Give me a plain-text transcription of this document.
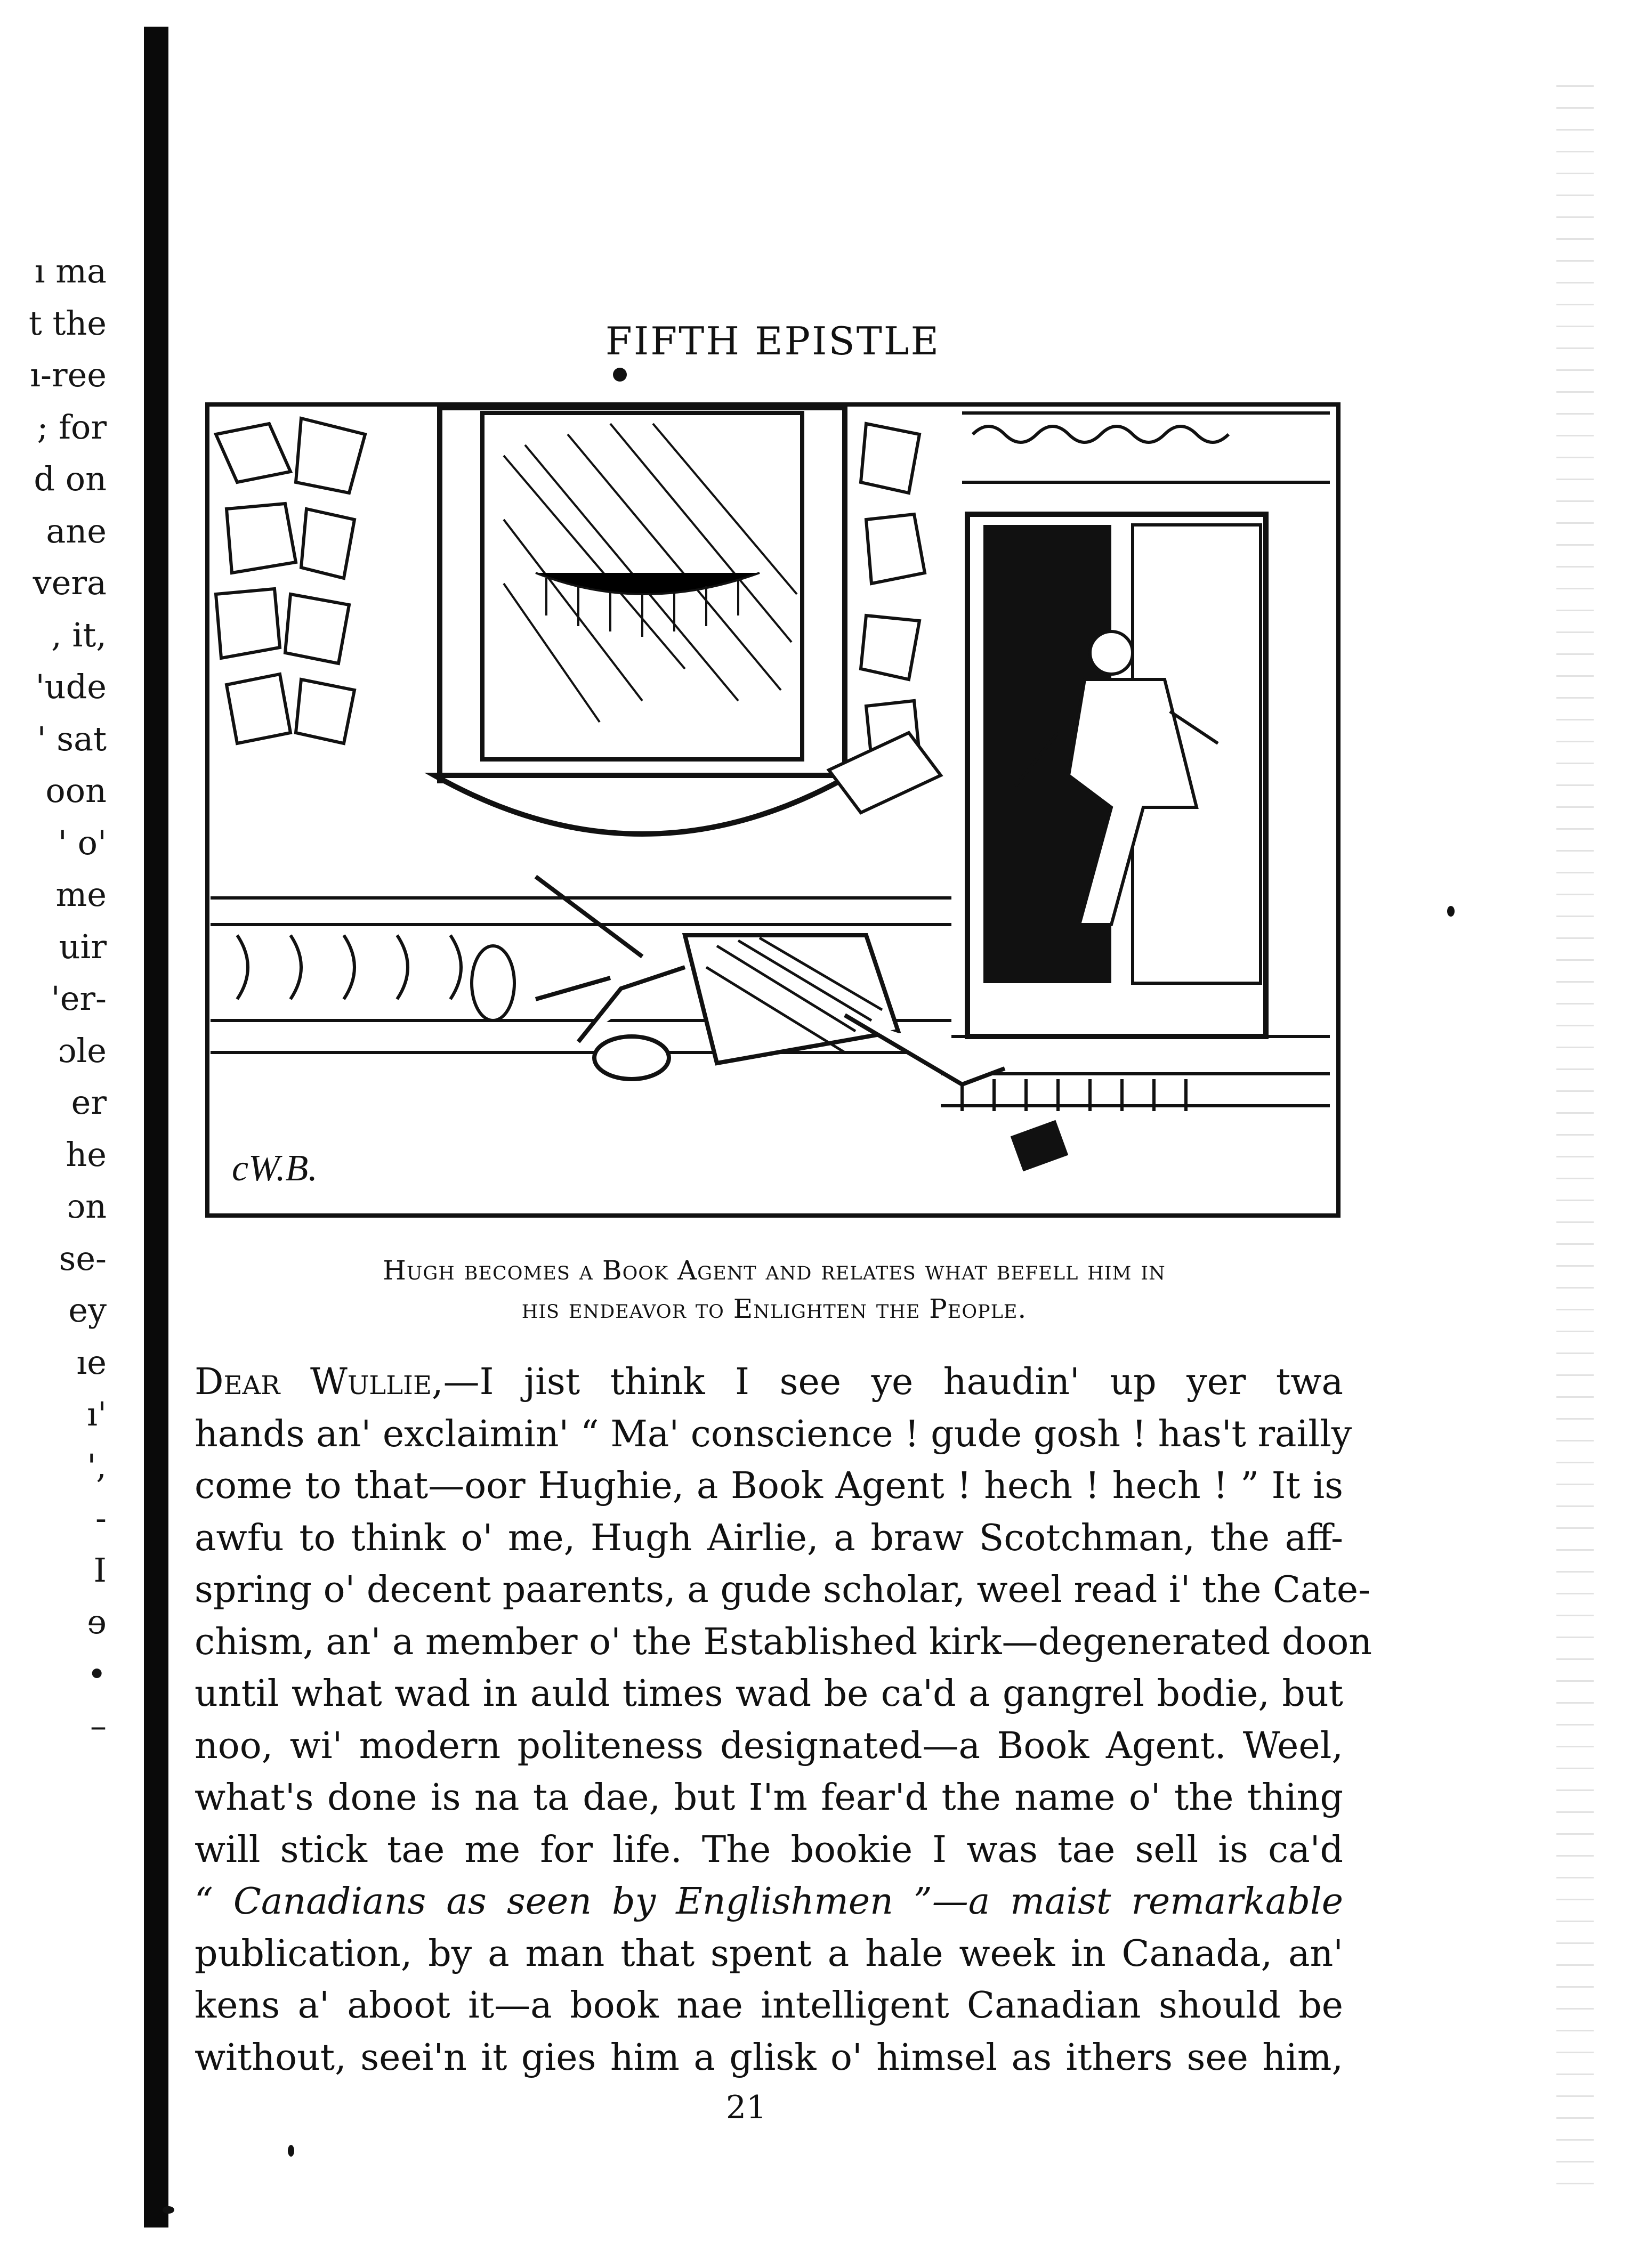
ı ma
t the
ı-ree
; for
d on
ane
vera
, it,
'ude
' sat
oon
' o'
me
uir
'er-
ɔle
er
he
ɔn
se-
ey
ıe
ı'
',
-
I
ɘ
•
–
FIFTH EPISTLE
cW.B.
Hugh becomes a Book Agent and relates what befell him in
his endeavor to Enlighten the People.
Dear Wullie,—I jist think I see ye haudin' up yer twa
hands an' exclaimin' “ Ma' conscience ! gude gosh ! has't railly
come to that—oor Hughie, a Book Agent ! hech ! hech ! ” It is
awfu to think o' me, Hugh Airlie, a braw Scotchman, the aff-
spring o' decent paarents, a gude scholar, weel read i' the Cate-
chism, an' a member o' the Established kirk—degenerated doon
until what wad in auld times wad be ca'd a gangrel bodie, but
noo, wi' modern politeness designated—a Book Agent. Weel,
what's done is na ta dae, but I'm fear'd the name o' the thing
will stick tae me for life. The bookie I was tae sell is ca'd
“ Canadians as seen by Englishmen ”—a maist remarkable
publication, by a man that spent a hale week in Canada, an'
kens a' aboot it—a book nae intelligent Canadian should be
without, seei'n it gies him a glisk o' himsel as ithers see him,
21
